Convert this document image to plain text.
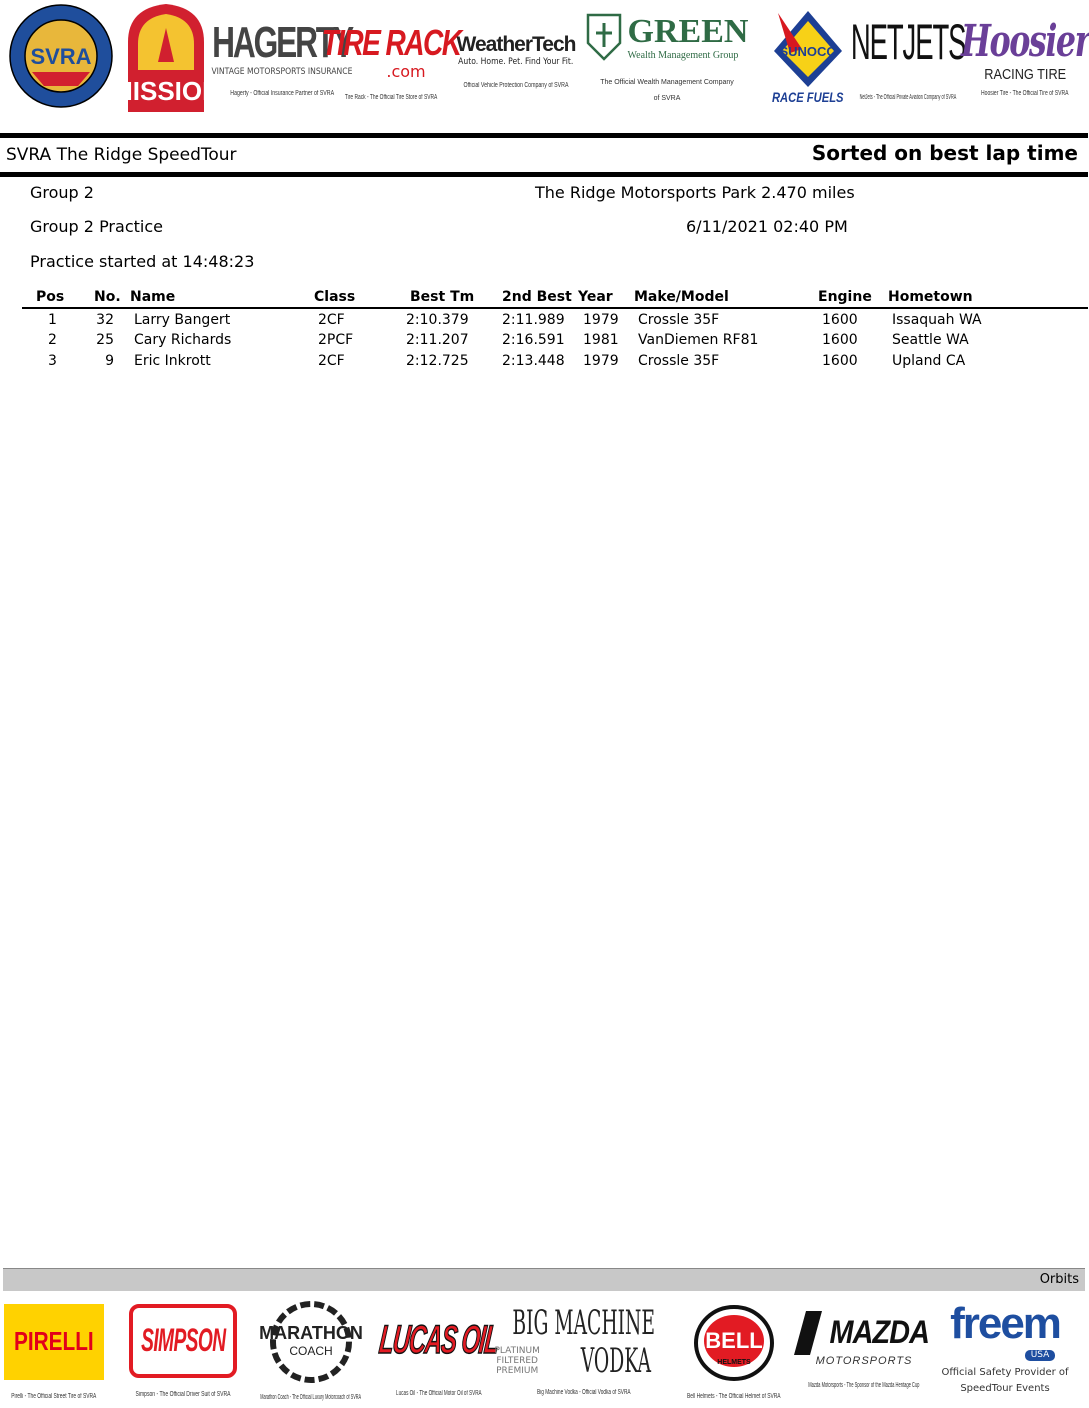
SVRA
MISSION
HAGERTY
VINTAGE MOTORSPORTS INSURANCE
Hagerty - Official Insurance Partner of SVRA
TIRE RACK
.com
Tire Rack - The Official Tire Store of SVRA
WeatherTech
Auto. Home. Pet. Find Your Fit.
Official Vehicle Protection Company of SVRA
GREEN
Wealth Management Group
The Official Wealth Management Company of SVRA
SUNOCO
RACE FUELS
NETJETS
NetJets - The Official Private Aviation Company of SVRA
Hoosier
RACING TIRE
Hoosier Tire - The Official Tire of SVRA
SVRA The Ridge SpeedTour	Sorted on best lap time
Group 2	The Ridge Motorsports Park 2.470 miles
Group 2 Practice	6/11/2021 02:40 PM
Practice started at 14:48:23
Pos No. Name	Class	Best Tm 2nd Best Year Make/Model	Engine Hometown
1	32 Larry Bangert	2CF	2:10.379 2:11.989 1979 Crossle 35F	1600 Issaquah WA
2	25 Cary Richards	2PCF	2:11.207 2:16.591 1981 VanDiemen RF81	1600 Seattle WA
3	9 Eric Inkrott	2CF	2:12.725 2:13.448 1979 Crossle 35F	1600 Upland CA
Orbits
PIRELLI
Pirelli - The Official Street Tire of SVRA
SIMPSON
Simpson - The Official Driver Suit of SVRA
MARATHON
COACH
Marathon Coach - The Official Luxury Motorcoach of SVRA
LUCAS OIL
Lucas Oil - The Official Motor Oil of SVRA
BIG MACHINE
PLATINUM FILTERED PREMIUM VODKA
Big Machine Vodka - Official Vodka of SVRA
BELL
HELMETS
Bell Helmets - The Official Helmet of SVRA
MAZDA
MOTORSPORTS
Mazda Motorsports - The Sponsor of the Mazda Heritage Cup
freem
USA
Official Safety Provider of SpeedTour Events
